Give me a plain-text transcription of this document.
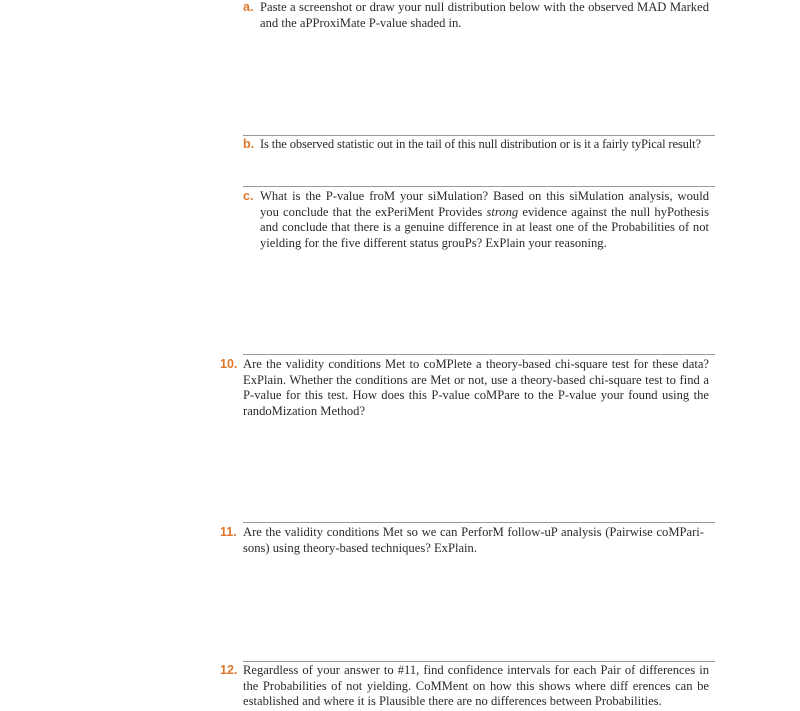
a. Paste a screenshot or draw your null distribution below with the observed MAD Marked and the aPProxiMate P-value shaded in.
b. Is the observed statistic out in the tail of this null distribution or is it a fairly tyPical result?
c. What is the P-value froM your siMulation? Based on this siMulation analysis, would you conclude that the exPeriMent Provides strong evidence against the null hyPothesis and conclude that there is a genuine difference in at least one of the Probabilities of not yielding for the five different status grouPs? ExPlain your reasoning.
10. Are the validity conditions Met to coMPlete a theory-based chi-square test for these data? ExPlain. Whether the conditions are Met or not, use a theory-based chi-square test to find a P-value for this test. How does this P-value coMPare to the P-value your found using the randoMization Method?
11. Are the validity conditions Met so we can PerforM follow-uP analysis (Pairwise coMPari-sons) using theory-based techniques? ExPlain.
12. Regardless of your answer to #11, find confidence intervals for each Pair of differences in the Probabilities of not yielding. CoMMent on how this shows where diff erences can be established and where it is Plausible there are no differences between Probabilities.
